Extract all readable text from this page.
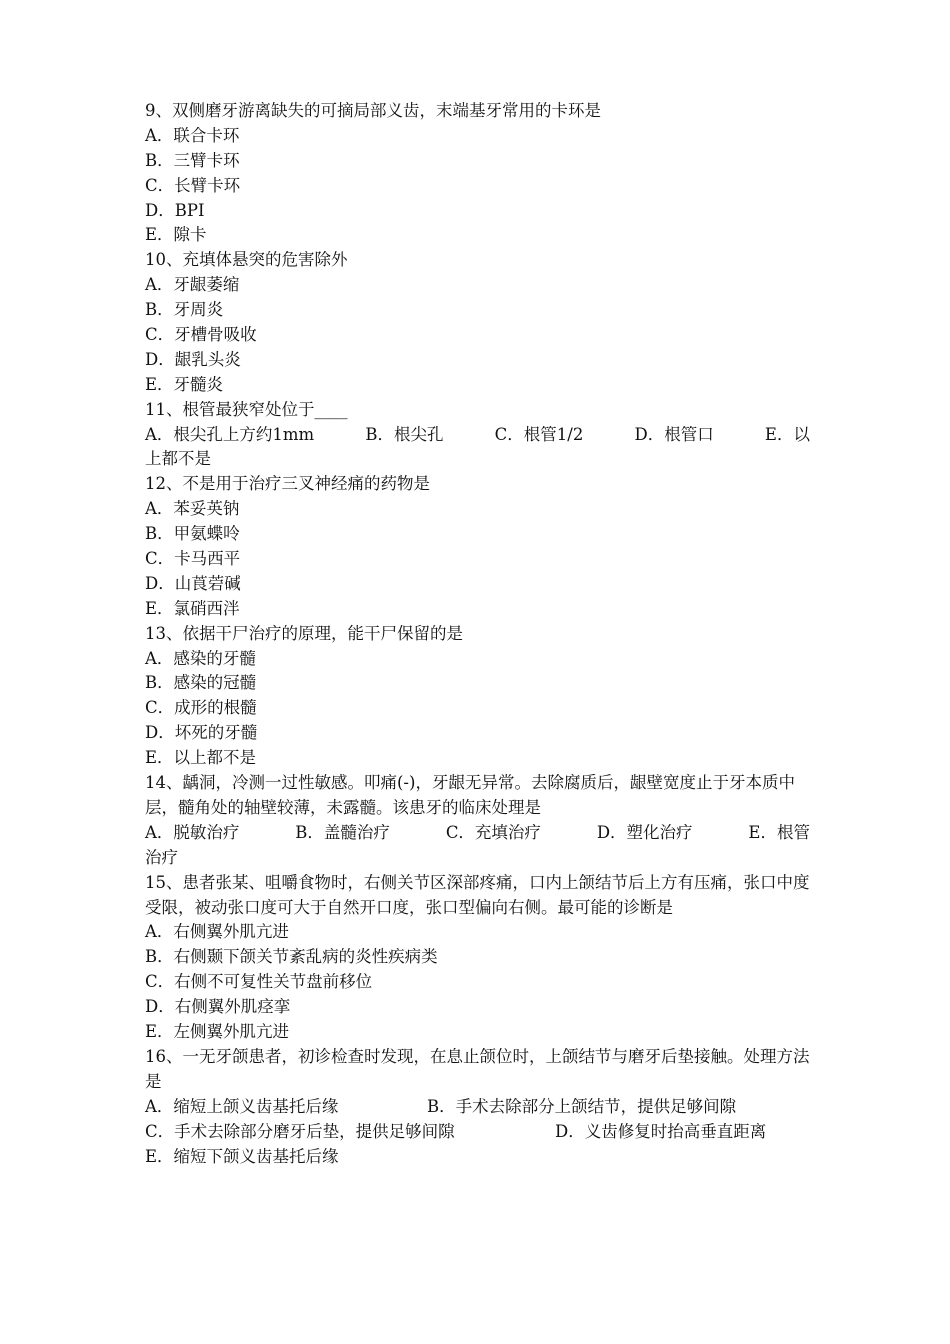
9、双侧磨牙游离缺失的可摘局部义齿，末端基牙常用的卡环是
A．联合卡环
B．三臂卡环
C．长臂卡环
D．BPI
E．隙卡
10、充填体悬突的危害除外
A．牙龈萎缩
B．牙周炎
C．牙槽骨吸收
D．龈乳头炎
E．牙髓炎
11、根管最狭窄处位于____
A．根尖孔上方约1mm	B．根尖孔	C．根管1/2	D．根管口	E．以
上都不是
12、不是用于治疗三叉神经痛的药物是
A．苯妥英钠
B．甲氨蝶呤
C．卡马西平
D．山莨菪碱
E．氯硝西泮
13、依据干尸治疗的原理，能干尸保留的是
A．感染的牙髓
B．感染的冠髓
C．成形的根髓
D．坏死的牙髓
E．以上都不是
14、龋洞，冷测一过性敏感。叩痛(-)，牙龈无异常。去除腐质后，龈壁宽度止于牙本质中层，髓角处的轴壁较薄，未露髓。该患牙的临床处理是
A．脱敏治疗	B．盖髓治疗	C．充填治疗	D．塑化治疗	E．根管
治疗
15、患者张某、咀嚼食物时，右侧关节区深部疼痛，口内上颌结节后上方有压痛，张口中度受限，被动张口度可大于自然开口度，张口型偏向右侧。最可能的诊断是
A．右侧翼外肌亢进
B．右侧颞下颌关节紊乱病的炎性疾病类
C．右侧不可复性关节盘前移位
D．右侧翼外肌痉挛
E．左侧翼外肌亢进
16、一无牙颌患者，初诊检查时发现，在息止颌位时，上颌结节与磨牙后垫接触。处理方法是
A．缩短上颌义齿基托后缘	B．手术去除部分上颌结节，提供足够间隙
C．手术去除部分磨牙后垫，提供足够间隙	D．义齿修复时抬高垂直距离
E．缩短下颌义齿基托后缘
